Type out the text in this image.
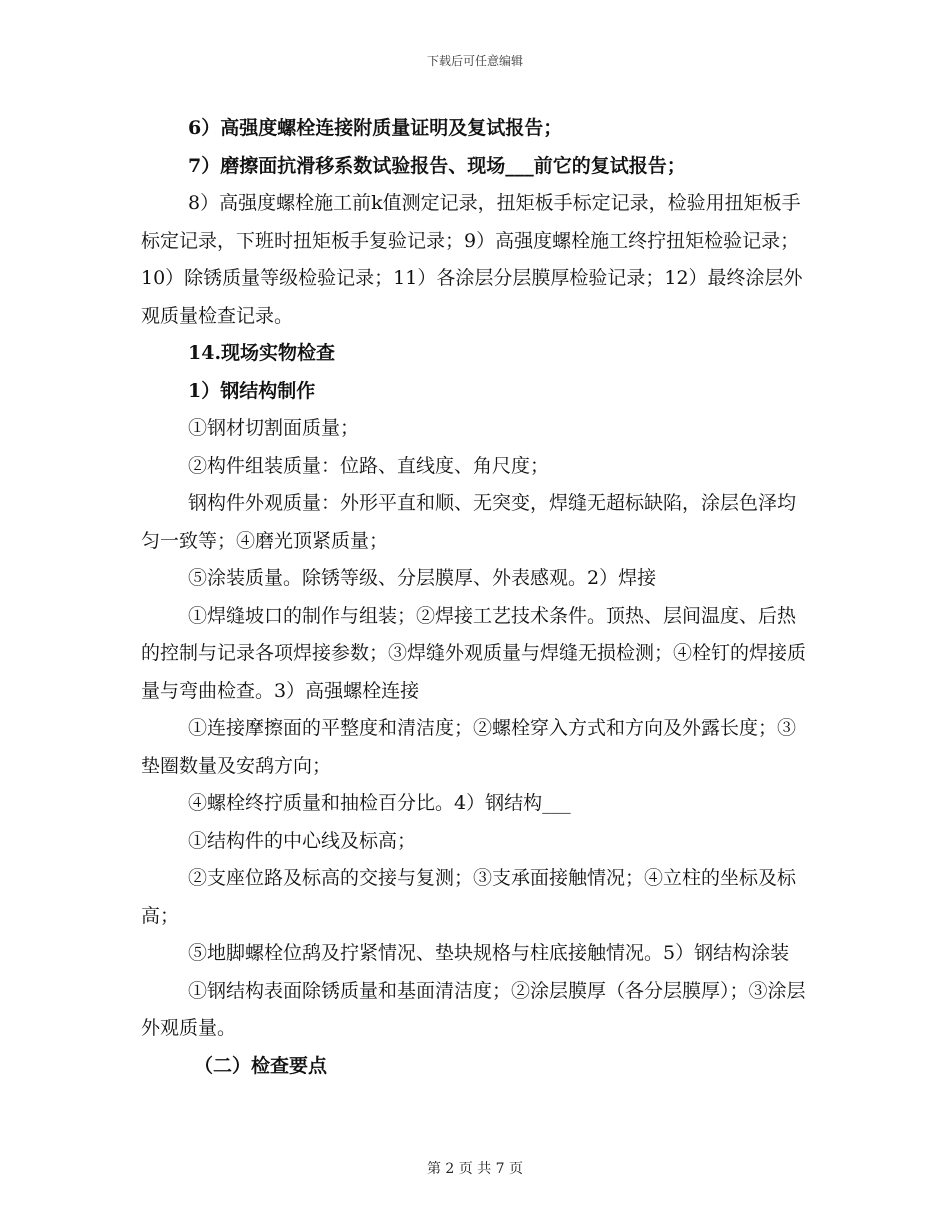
下载后可任意编辑

6）高强度螺栓连接附质量证明及复试报告；

7）磨擦面抗滑移系数试验报告、现场___前它的复试报告；

8）高强度螺栓施工前k值测定记录，扭矩板手标定记录，检验用扭矩板手标定记录，下班时扭矩板手复验记录；9）高强度螺栓施工终拧扭矩检验记录；10）除锈质量等级检验记录；11）各涂层分层膜厚检验记录；12）最终涂层外观质量检查记录。

14.现场实物检查

1）钢结构制作

①钢材切割面质量；

②构件组装质量：位路、直线度、角尺度；

钢构件外观质量：外形平直和顺、无突变，焊缝无超标缺陷，涂层色泽均匀一致等；④磨光顶紧质量；

⑤涂装质量。除锈等级、分层膜厚、外表感观。2）焊接

①焊缝坡口的制作与组装；②焊接工艺技术条件。顶热、层间温度、后热的控制与记录各项焊接参数；③焊缝外观质量与焊缝无损检测；④栓钉的焊接质量与弯曲检查。3）高强螺栓连接

①连接摩擦面的平整度和清洁度；②螺栓穿入方式和方向及外露长度；③垫圈数量及安鸹方向；

④螺栓终拧质量和抽检百分比。4）钢结构___

①结构件的中心线及标高；

②支座位路及标高的交接与复测；③支承面接触情况；④立柱的坐标及标高；

⑤地脚螺栓位鸹及拧紧情况、垫块规格与柱底接触情况。5）钢结构涂装

①钢结构表面除锈质量和基面清洁度；②涂层膜厚（各分层膜厚）；③涂层外观质量。

（二）检查要点

第 2 页 共 7 页
